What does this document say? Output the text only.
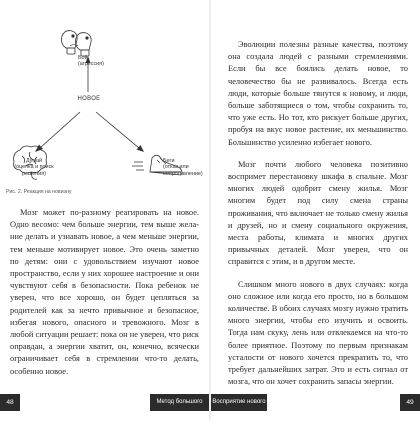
Бой
(агрессия)
НОВОЕ
Думай
(оценка и поиск
решения)
Беги
(отказ или
сопротивление)
Рис. 2. Реакция на новизну

Мозг может по-разному реагировать на новое. Одно весомо: чем больше энергии, тем выше желание делать и узнавать новое, а чем меньше энергии, тем меньше мотивирует новое. Это очень заметно по детям: они с удовольствием изучают новое пространство, если у них хорошее настроение и они чувствуют себя в безопасности. Пока ребенок не уверен, что все хорошо, он будет цепляться за родителей как за нечто привычное и безопасное, избегая нового, опасного и тревожного. Мозг в любой ситуации решает: пока он не уверен, что риск оправдан, а энергии хватит, он, конечно, всячески ограничивает себя в стремлении что-то делать, особенно новое.

48	Метод большого пряника

Эволюции полезны разные качества, поэтому она создала людей с разными стремлениями. Если бы все боялись делать новое, то человечество бы не развивалось. Всегда есть люди, которые больше тянутся к новому, и люди, больше заботящиеся о том, чтобы сохранить то, что уже есть. Но тот, кто рискует больше других, пробуя на вкус новое растение, их меньшинство. Большинство усиленно избегает нового.

Мозг почти любого человека позитивно воспримет перестановку шкафа в спальне. Мозг многих людей одобрит смену жилья. Мозг многим будет под силу смена страны проживания, что включает не только смену жилья и друзей, но и смену социального окружения, места работы, климата и многих других привычных деталей. Мозг уверен, что он справится с этим, и в другом месте.

Слишком много нового в двух случаях: когда оно сложное или когда его просто, но в большом количестве. В обоих случаях мозгу нужно тратить много энергии, чтобы его изучить и освоить. Тогда нам скуку, лень или отвлекаемся на что-то более приятное. Поэтому по первым признакам усталости от нового хочется прекратить то, что требует дальнейших затрат. Это и есть сигнал от мозга, что он хочет сохранить запасы энергии.

Восприятие нового	49
